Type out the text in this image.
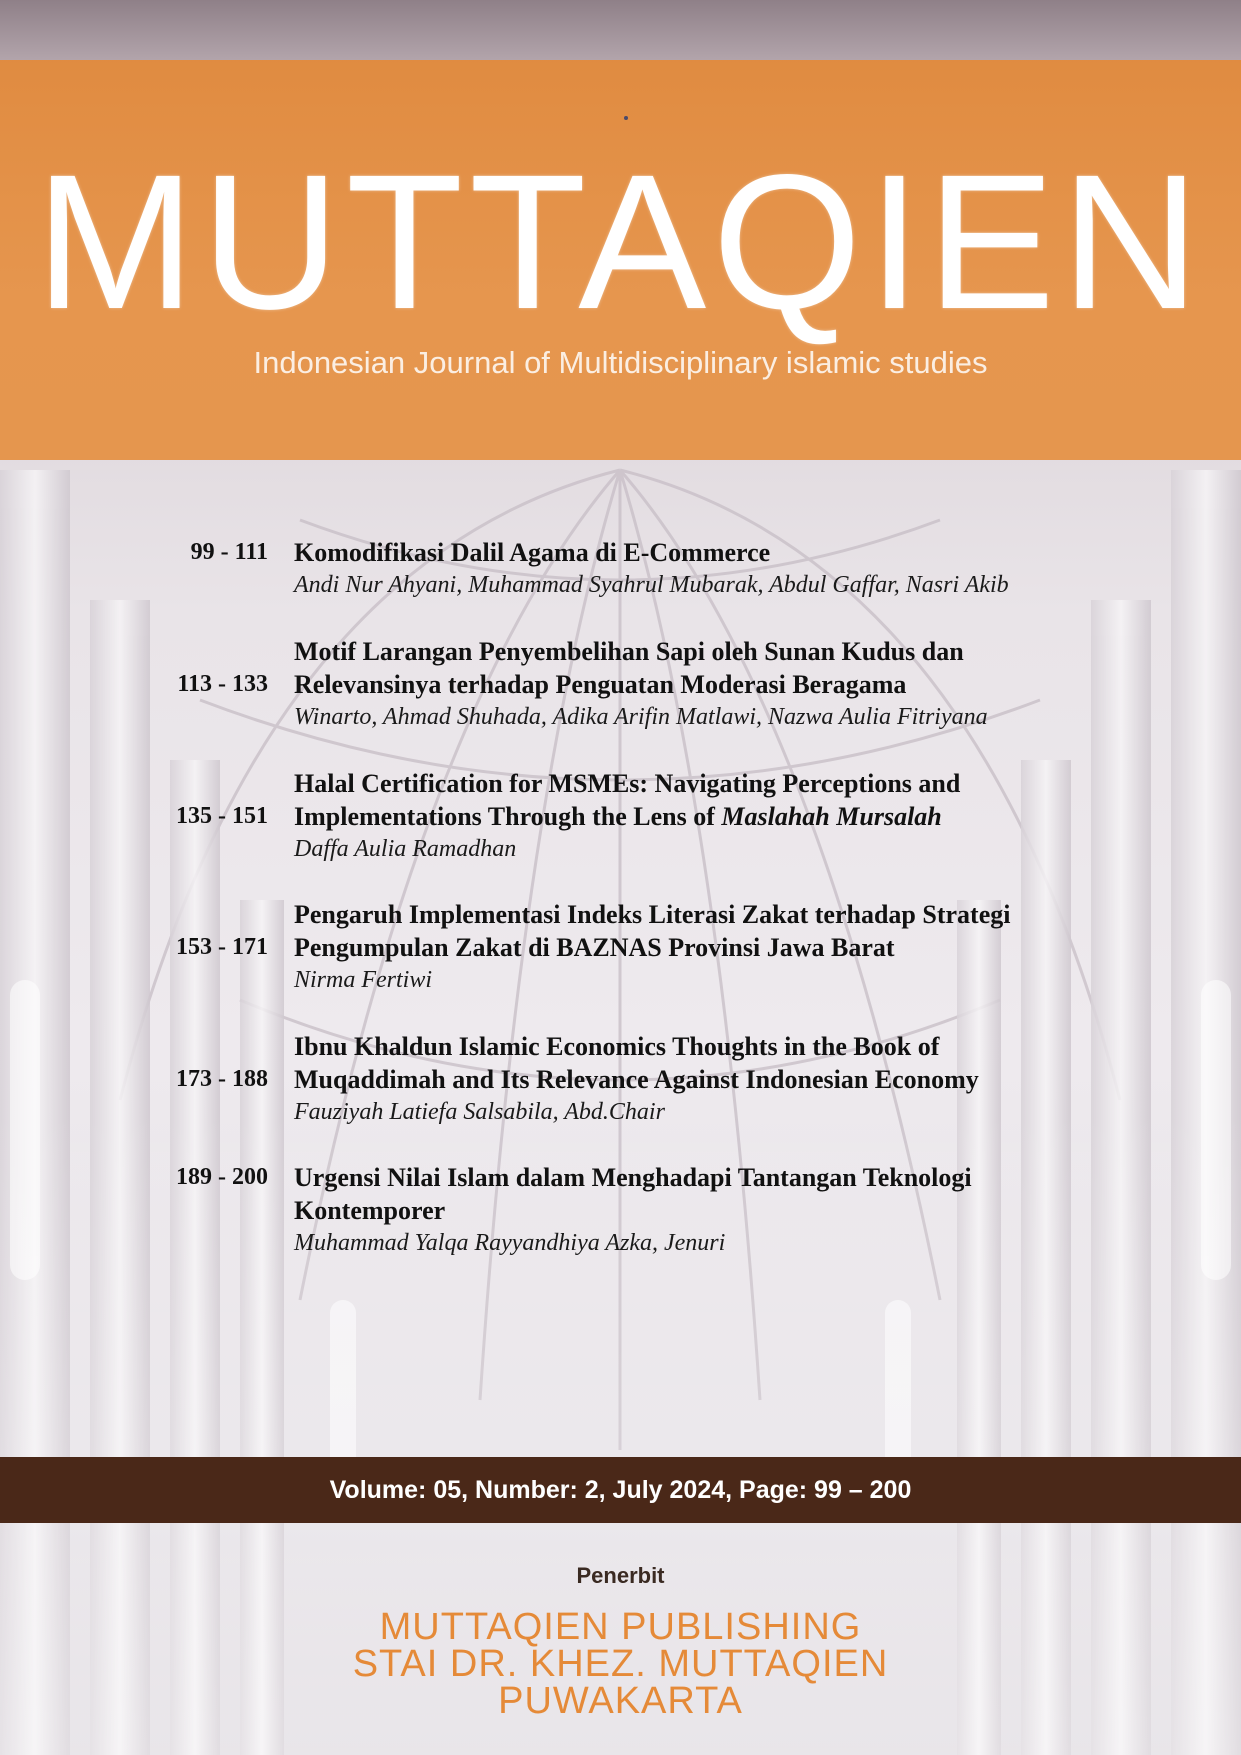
MUTTAQIEN
Indonesian Journal of Multidisciplinary islamic studies
99 - 111 Komodifikasi Dalil Agama di E-Commerce
Andi Nur Ahyani, Muhammad Syahrul Mubarak, Abdul Gaffar, Nasri Akib
113 - 133
Motif Larangan Penyembelihan Sapi oleh Sunan Kudus dan
Relevansinya terhadap Penguatan Moderasi Beragama
Winarto, Ahmad Shuhada, Adika Arifin Matlawi, Nazwa Aulia Fitriyana
135 - 151
Halal Certification for MSMEs: Navigating Perceptions and
Implementations Through the Lens of Maslahah Mursalah
Daffa Aulia Ramadhan
153 - 171
Pengaruh Implementasi Indeks Literasi Zakat terhadap Strategi
Pengumpulan Zakat di BAZNAS Provinsi Jawa Barat
Nirma Fertiwi
173 - 188
Ibnu Khaldun Islamic Economics Thoughts in the Book of
Muqaddimah and Its Relevance Against Indonesian Economy
Fauziyah Latiefa Salsabila, Abd.Chair
189 - 200 Urgensi Nilai Islam dalam Menghadapi Tantangan Teknologi
Kontemporer
Muhammad Yalqa Rayyandhiya Azka, Jenuri
Volume: 05, Number: 2, July 2024, Page: 99 – 200
Penerbit
MUTTAQIEN PUBLISHING
STAI DR. KHEZ. MUTTAQIEN
PUWAKARTA
